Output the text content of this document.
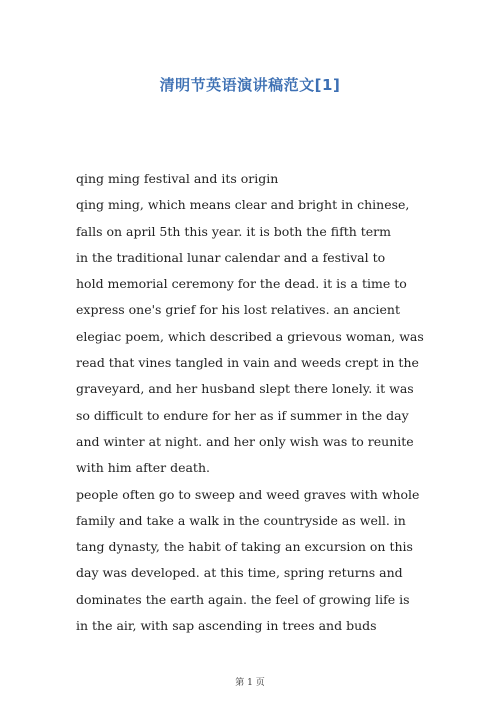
清明节英语演讲稿范文[1]
qing ming festival and its origin
qing ming, which means clear and bright in chinese,
falls on april 5th this year. it is both the fifth term
in the traditional lunar calendar and a festival to
hold memorial ceremony for the dead. it is a time to
express one's grief for his lost relatives. an ancient
elegiac poem, which described a grievous woman, was
read that vines tangled in vain and weeds crept in the
graveyard, and her husband slept there lonely. it was
so difficult to endure for her as if summer in the day
and winter at night. and her only wish was to reunite
with him after death.
people often go to sweep and weed graves with whole
family and take a walk in the countryside as well. in
tang dynasty, the habit of taking an excursion on this
day was developed. at this time, spring returns and
dominates the earth again. the feel of growing life is
in the air, with sap ascending in trees and buds
第 1 页
